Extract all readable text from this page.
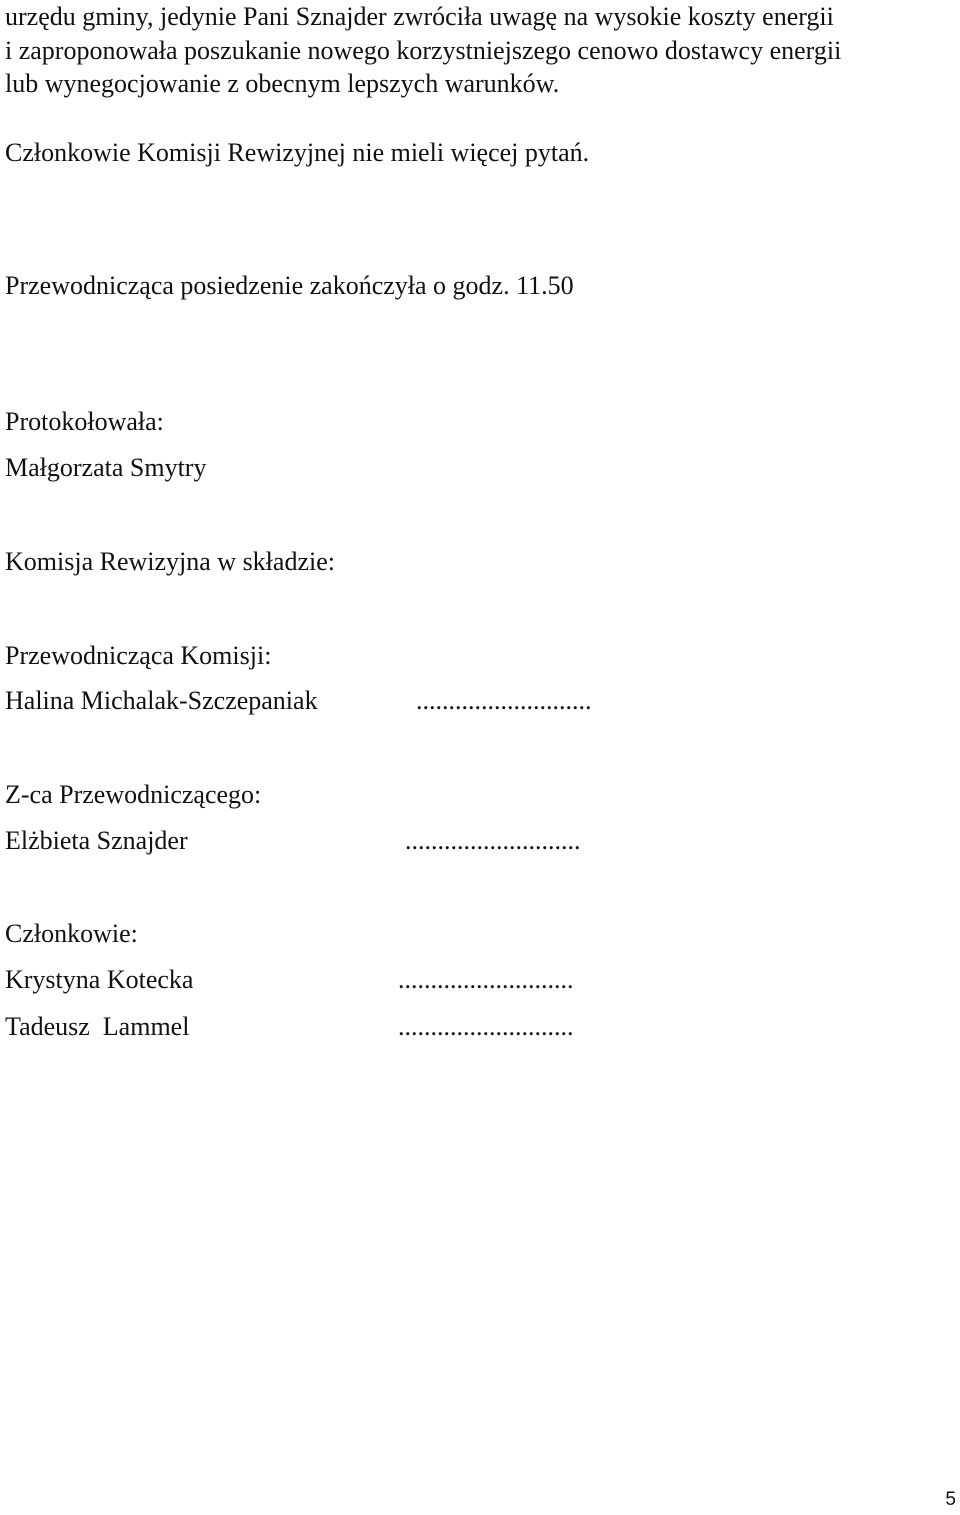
urzędu gminy, jedynie Pani Sznajder zwróciła uwagę na wysokie koszty energii
i zaproponowała poszukanie nowego korzystniejszego cenowo dostawcy energii
lub wynegocjowanie z obecnym lepszych warunków.
Członkowie Komisji Rewizyjnej nie mieli więcej pytań.
Przewodnicząca posiedzenie zakończyła o godz. 11.50
Protokołowała:
Małgorzata Smytry
Komisja Rewizyjna w składzie:
Przewodnicząca Komisji:
Halina Michalak-Szczepaniak	...........................
Z-ca Przewodniczącego:
Elżbieta Sznajder	...........................
Członkowie:
Krystyna Kotecka	...........................
Tadeusz  Lammel	...........................
5
